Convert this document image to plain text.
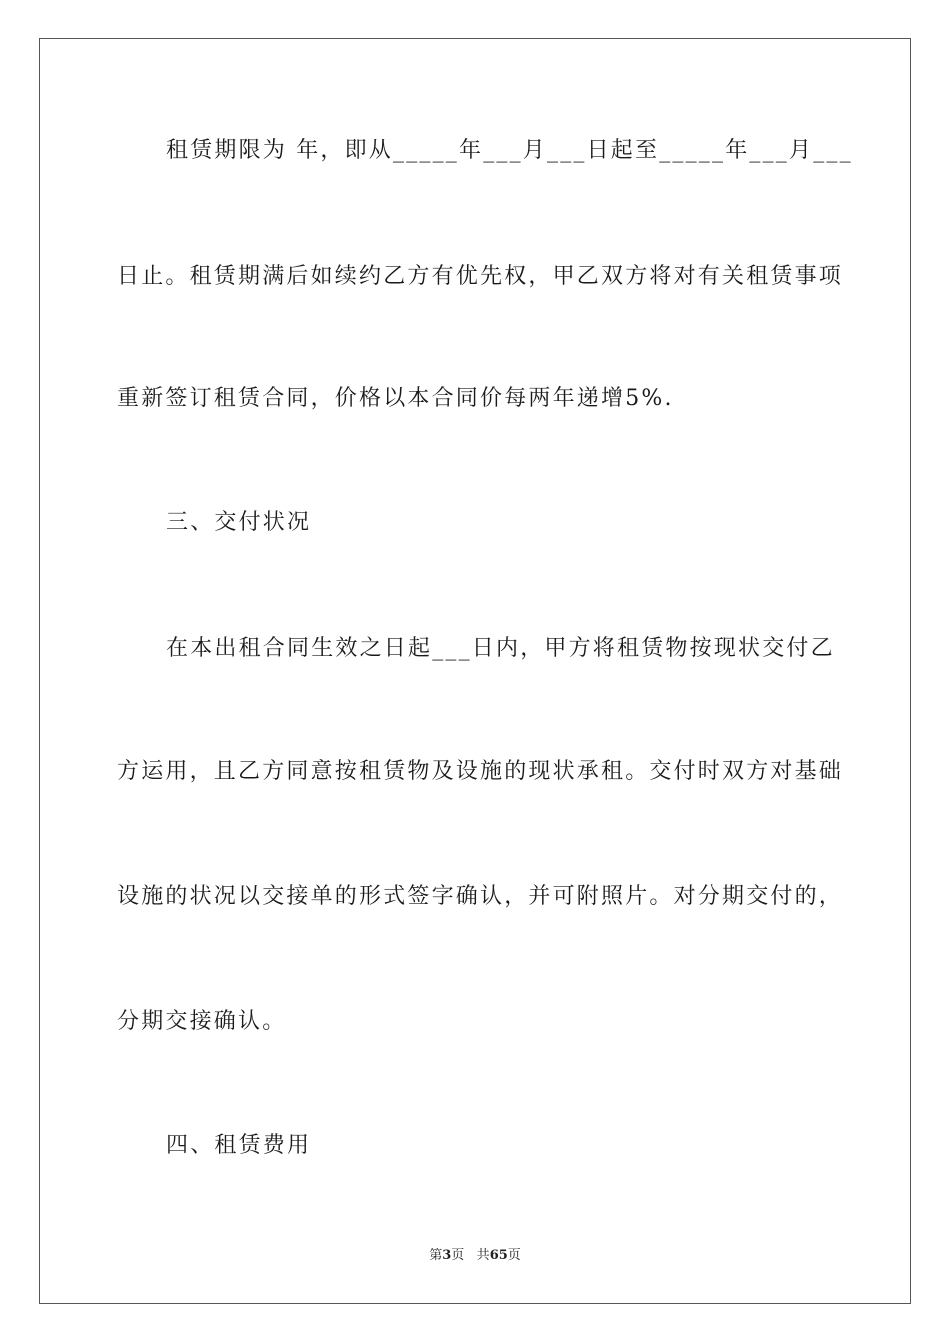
租赁期限为 年，即从_____年___月___日起至_____年___月___
日止。租赁期满后如续约乙方有优先权，甲乙双方将对有关租赁事项
重新签订租赁合同，价格以本合同价每两年递增5%.
三、交付状况
在本出租合同生效之日起___日内，甲方将租赁物按现状交付乙
方运用，且乙方同意按租赁物及设施的现状承租。交付时双方对基础
设施的状况以交接单的形式签字确认，并可附照片。对分期交付的，
分期交接确认。
四、租赁费用
第3页 共65页
